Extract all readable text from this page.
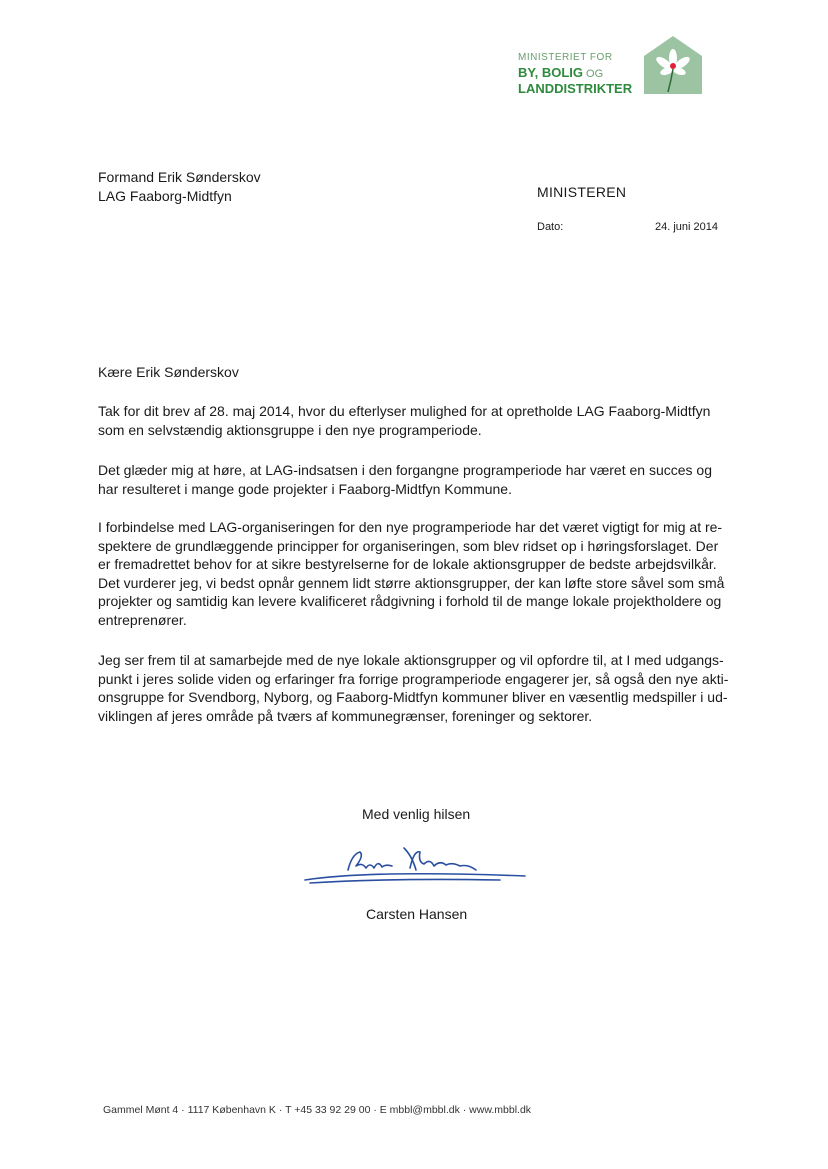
MINISTERIET FOR
BY, BOLIG OG
LANDDISTRIKTER
Formand Erik Sønderskov
LAG Faaborg-Midtfyn	MINISTEREN
Dato:	24. juni 2014
Kære Erik Sønderskov
Tak for dit brev af 28. maj 2014, hvor du efterlyser mulighed for at opretholde LAG Faaborg-Midtfyn
som en selvstændig aktionsgruppe i den nye programperiode.
Det glæder mig at høre, at LAG-indsatsen i den forgangne programperiode har været en succes og
har resulteret i mange gode projekter i Faaborg-Midtfyn Kommune.
I forbindelse med LAG-organiseringen for den nye programperiode har det været vigtigt for mig at re-
spektere de grundlæggende principper for organiseringen, som blev ridset op i høringsforslaget. Der
er fremadrettet behov for at sikre bestyrelserne for de lokale aktionsgrupper de bedste arbejdsvilkår.
Det vurderer jeg, vi bedst opnår gennem lidt større aktionsgrupper, der kan løfte store såvel som små
projekter og samtidig kan levere kvalificeret rådgivning i forhold til de mange lokale projektholdere og
entreprenører.
Jeg ser frem til at samarbejde med de nye lokale aktionsgrupper og vil opfordre til, at I med udgangs-
punkt i jeres solide viden og erfaringer fra forrige programperiode engagerer jer, så også den nye akti-
onsgruppe for Svendborg, Nyborg, og Faaborg-Midtfyn kommuner bliver en væsentlig medspiller i ud-
viklingen af jeres område på tværs af kommunegrænser, foreninger og sektorer.
Med venlig hilsen
Carsten Hansen
Gammel Mønt 4 · 1117 København K · T +45 33 92 29 00 · E mbbl@mbbl.dk · www.mbbl.dk
